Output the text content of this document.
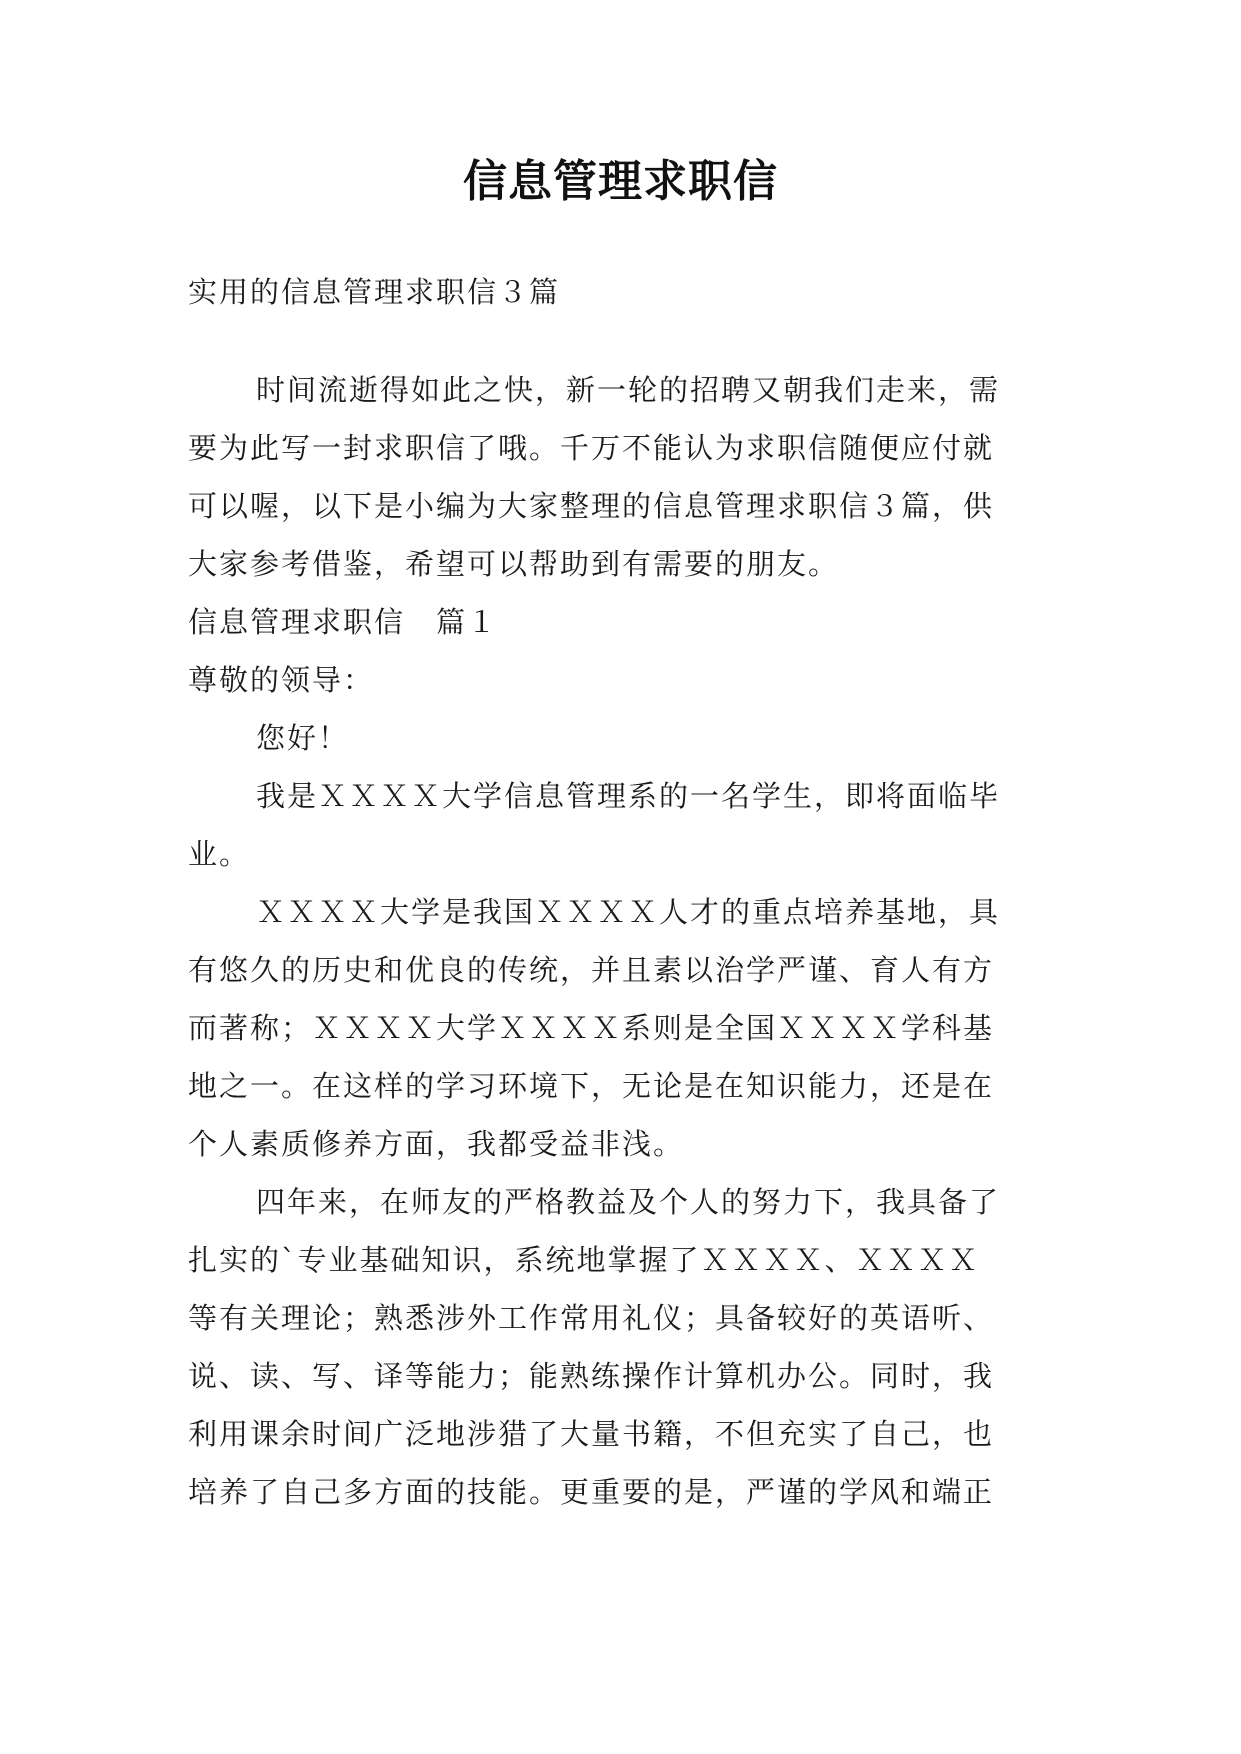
信息管理求职信
实用的信息管理求职信３篇
时间流逝得如此之快，新一轮的招聘又朝我们走来，需
要为此写一封求职信了哦。千万不能认为求职信随便应付就
可以喔，以下是小编为大家整理的信息管理求职信３篇，供
大家参考借鉴，希望可以帮助到有需要的朋友。
信息管理求职信　篇１
尊敬的领导：
您好！
我是ＸＸＸＸ大学信息管理系的一名学生，即将面临毕
业。
ＸＸＸＸ大学是我国ＸＸＸＸ人才的重点培养基地，具
有悠久的历史和优良的传统，并且素以治学严谨、育人有方
而著称；ＸＸＸＸ大学ＸＸＸＸ系则是全国ＸＸＸＸ学科基
地之一。在这样的学习环境下，无论是在知识能力，还是在
个人素质修养方面，我都受益非浅。
四年来，在师友的严格教益及个人的努力下，我具备了
扎实的`专业基础知识，系统地掌握了ＸＸＸＸ、ＸＸＸＸ
等有关理论；熟悉涉外工作常用礼仪；具备较好的英语听、
说、读、写、译等能力；能熟练操作计算机办公。同时，我
利用课余时间广泛地涉猎了大量书籍，不但充实了自己，也
培养了自己多方面的技能。更重要的是，严谨的学风和端正
